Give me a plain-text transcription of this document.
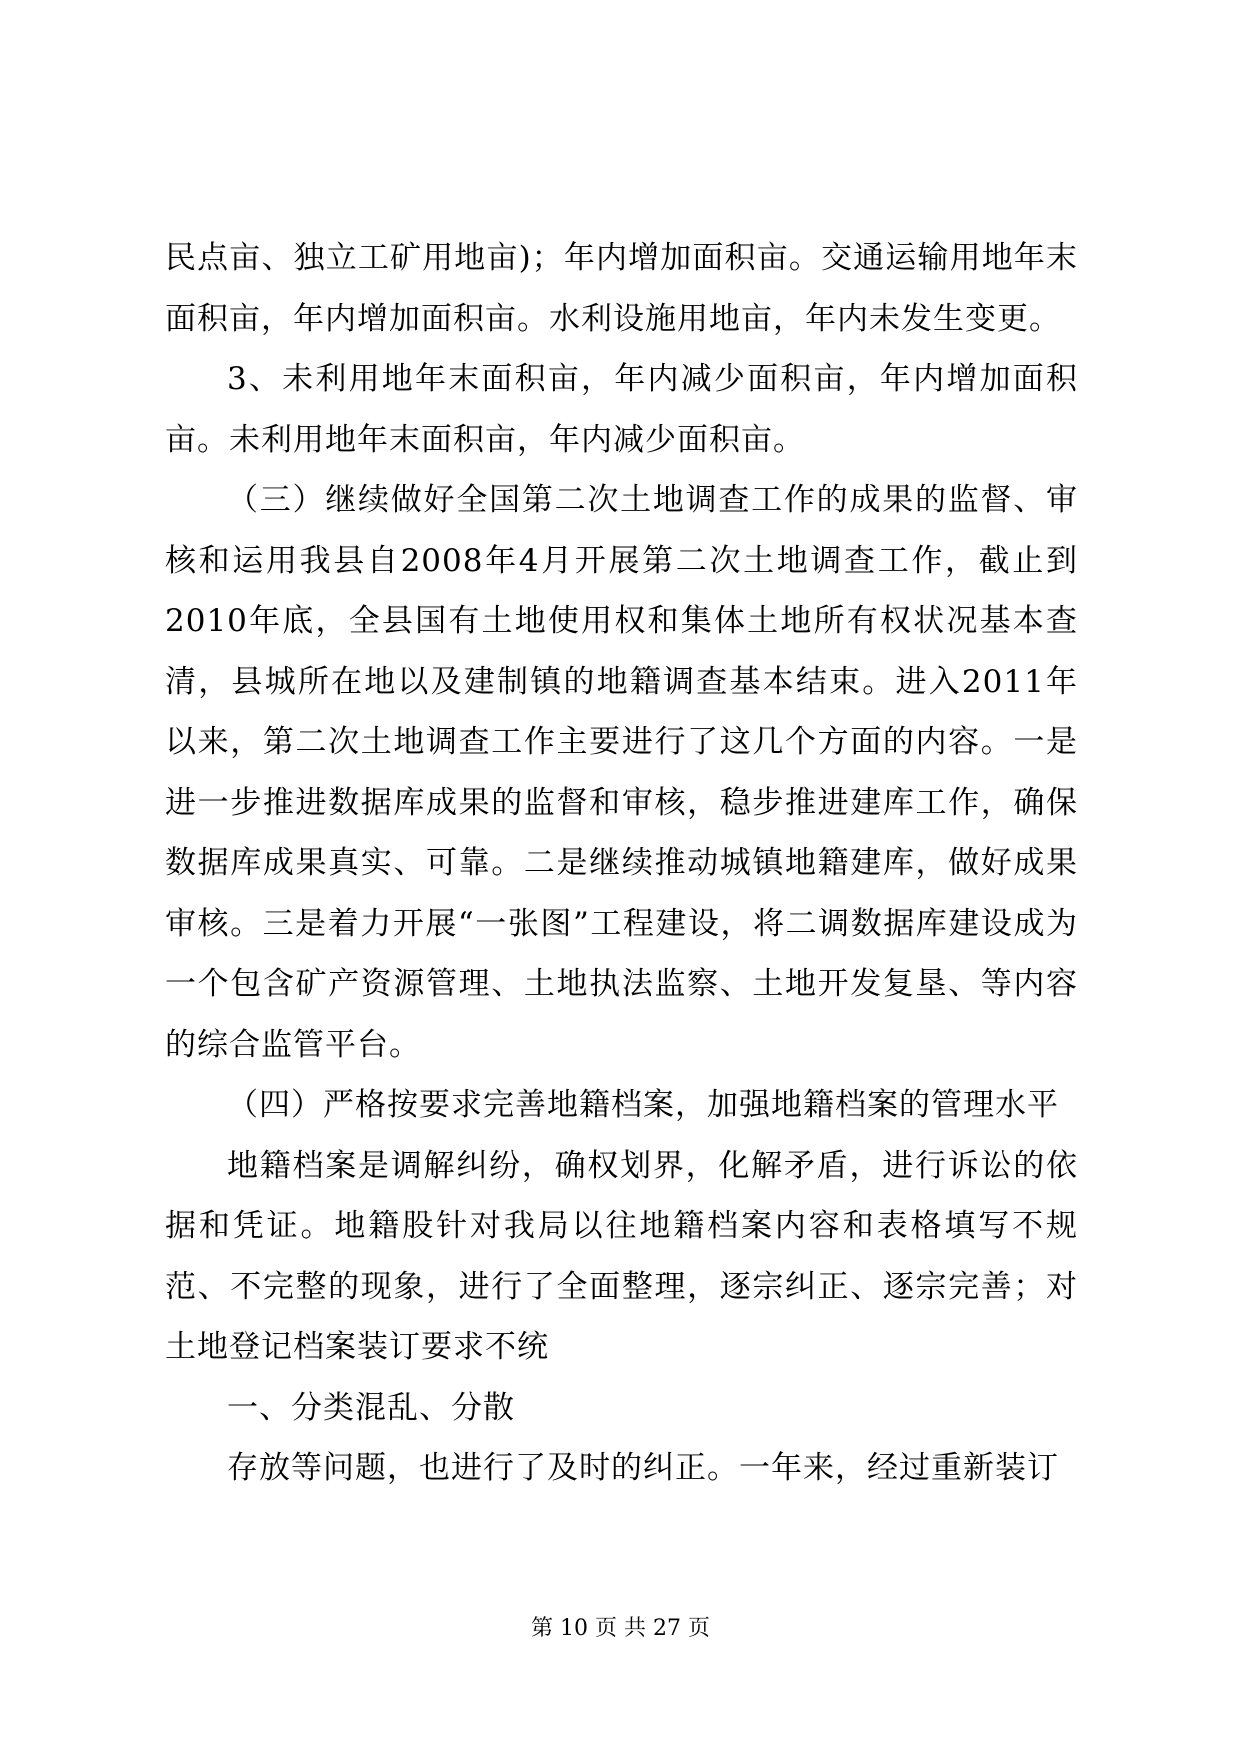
民点亩、独立工矿用地亩)；年内增加面积亩。交通运输用地年末面积亩，年内增加面积亩。水利设施用地亩，年内未发生变更。

3、未利用地年末面积亩，年内减少面积亩，年内增加面积亩。未利用地年末面积亩，年内减少面积亩。

（三）继续做好全国第二次土地调查工作的成果的监督、审核和运用我县自2008年4月开展第二次土地调查工作，截止到2010年底，全县国有土地使用权和集体土地所有权状况基本查清，县城所在地以及建制镇的地籍调查基本结束。进入2011年以来，第二次土地调查工作主要进行了这几个方面的内容。一是进一步推进数据库成果的监督和审核，稳步推进建库工作，确保数据库成果真实、可靠。二是继续推动城镇地籍建库，做好成果审核。三是着力开展“一张图”工程建设，将二调数据库建设成为一个包含矿产资源管理、土地执法监察、土地开发复垦、等内容的综合监管平台。

（四）严格按要求完善地籍档案，加强地籍档案的管理水平

地籍档案是调解纠纷，确权划界，化解矛盾，进行诉讼的依据和凭证。地籍股针对我局以往地籍档案内容和表格填写不规范、不完整的现象，进行了全面整理，逐宗纠正、逐宗完善；对土地登记档案装订要求不统

一、分类混乱、分散

存放等问题，也进行了及时的纠正。一年来，经过重新装订

第 10 页 共 27 页
